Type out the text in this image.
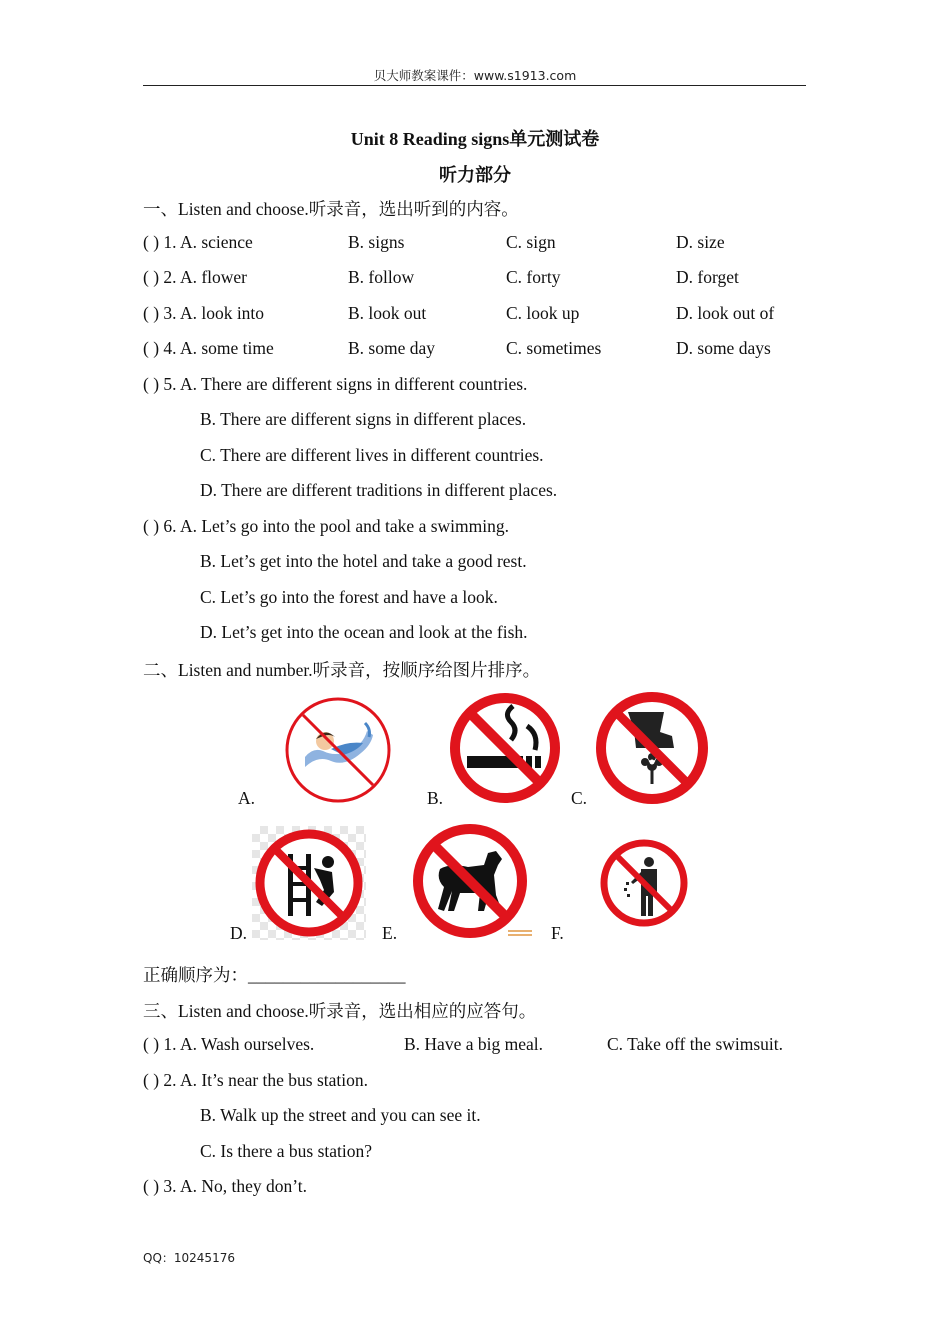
贝大师教案课件：www.s1913.com
Unit 8 Reading signs单元测试卷
听力部分
一、Listen and choose.听录音，选出听到的内容。
( ) 1. A. science	B. signs	C. sign	D. size
( ) 2. A. flower	B. follow	C. forty	D. forget
( ) 3. A. look into	B. look out	C. look up	D. look out of
( ) 4. A. some time	B. some day	C. sometimes	D. some days
( ) 5. A. There are different signs in different countries.
B. There are different signs in different places.
C. There are different lives in different countries.
D. There are different traditions in different places.
( ) 6. A. Let’s go into the pool and take a swimming.
B. Let’s get into the hotel and take a good rest.
C. Let’s go into the forest and have a look.
D. Let’s get into the ocean and look at the fish.
二、Listen and number.听录音，按顺序给图片排序。
A.	B.	C.
D.	E.	F.
正确顺序为：__________________
三、Listen and choose.听录音，选出相应的应答句。
( ) 1. A. Wash ourselves.	B. Have a big meal.	C. Take off the swimsuit.
( ) 2. A. It’s near the bus station.
B. Walk up the street and you can see it.
C. Is there a bus station?
( ) 3. A. No, they don’t.
QQ：10245176
